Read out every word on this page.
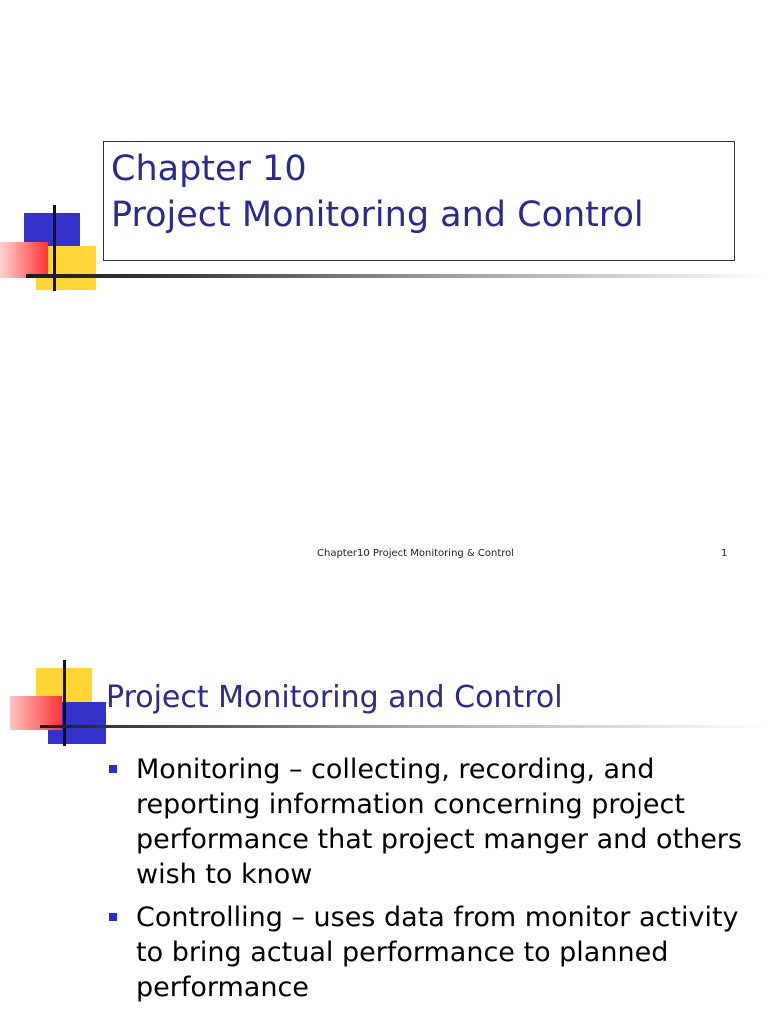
Chapter 10
Project Monitoring and Control
Chapter10 Project Monitoring & Control	1
Project Monitoring and Control
Monitoring – collecting, recording, and reporting information concerning project performance that project manger and others wish to know
Controlling – uses data from monitor activity to bring actual performance to planned performance
